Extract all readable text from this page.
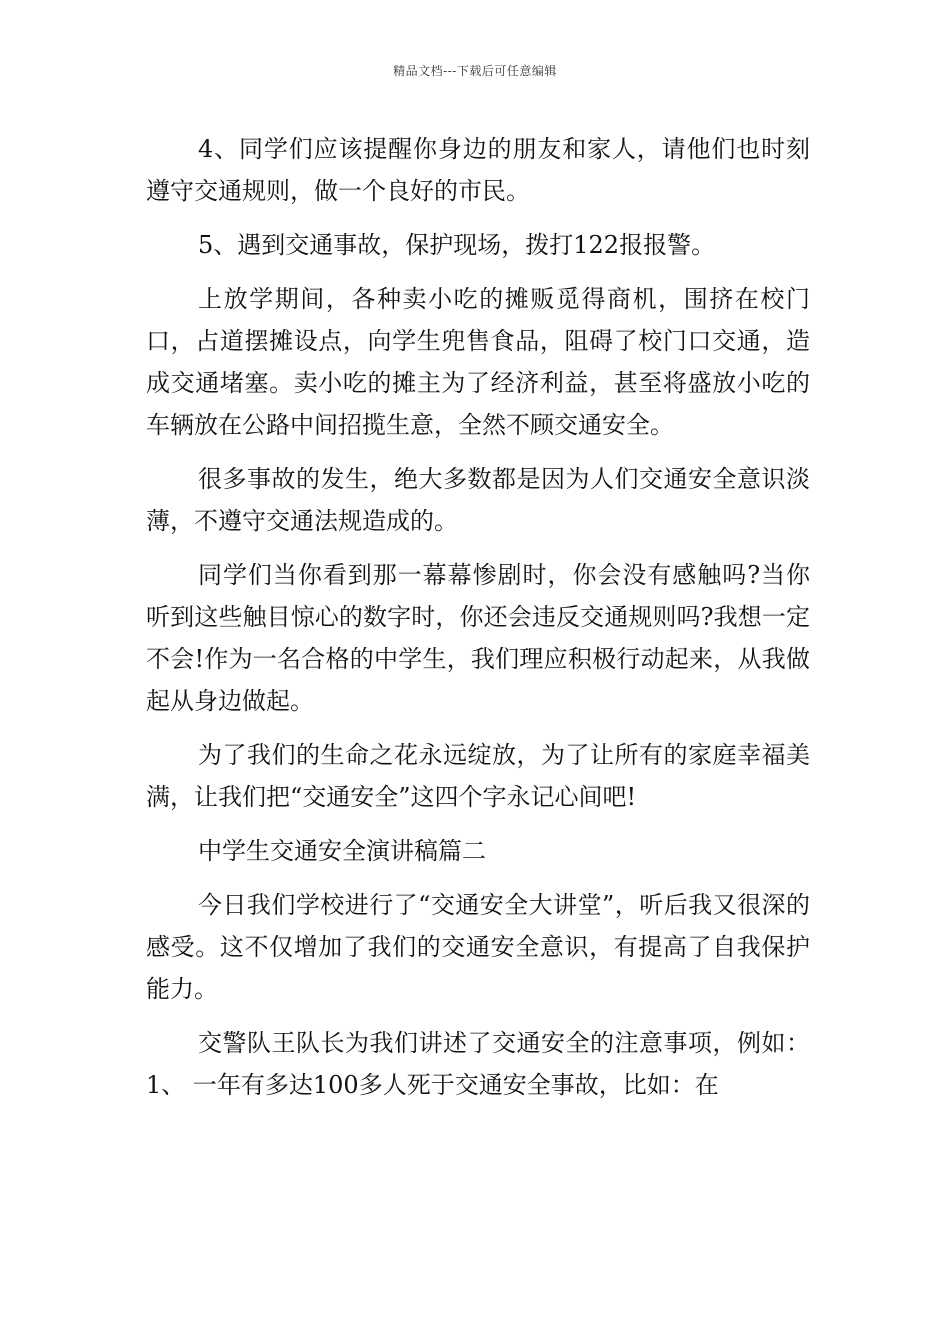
精品文档---下载后可任意编辑

4、同学们应该提醒你身边的朋友和家人，请他们也时刻遵守交通规则，做一个良好的市民。

5、遇到交通事故，保护现场，拨打122报报警。

上放学期间，各种卖小吃的摊贩觅得商机，围挤在校门口，占道摆摊设点，向学生兜售食品，阻碍了校门口交通，造成交通堵塞。卖小吃的摊主为了经济利益，甚至将盛放小吃的车辆放在公路中间招揽生意，全然不顾交通安全。

很多事故的发生，绝大多数都是因为人们交通安全意识淡薄，不遵守交通法规造成的。

同学们当你看到那一幕幕惨剧时，你会没有感触吗?当你听到这些触目惊心的数字时，你还会违反交通规则吗?我想一定不会!作为一名合格的中学生，我们理应积极行动起来，从我做起从身边做起。

为了我们的生命之花永远绽放，为了让所有的家庭幸福美满，让我们把“交通安全”这四个字永记心间吧!

中学生交通安全演讲稿篇二

今日我们学校进行了“交通安全大讲堂”，听后我又很深的感受。这不仅增加了我们的交通安全意识，有提高了自我保护能力。

交警队王队长为我们讲述了交通安全的注意事项，例如：1、 一年有多达100多人死于交通安全事故，比如：在
